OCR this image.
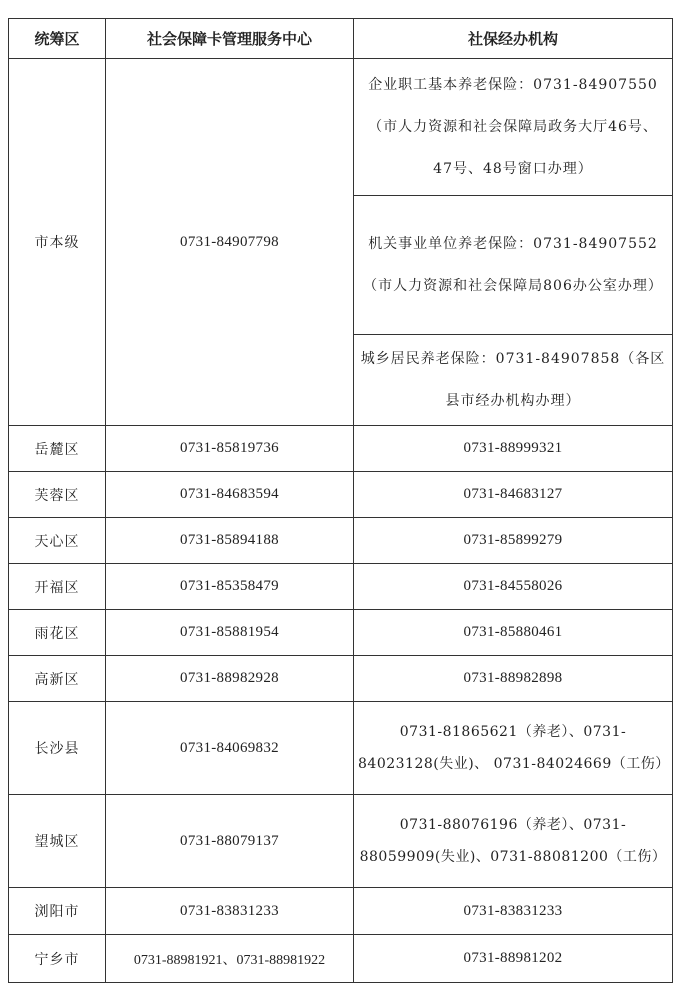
统筹区	社会保障卡管理服务中心	社保经办机构
市本级	0731-84907798	企业职工基本养老保险：0731-84907550（市人力资源和社会保障局政务大厅46号、47号、48号窗口办理）
		机关事业单位养老保险：0731-84907552（市人力资源和社会保障局806办公室办理）
		城乡居民养老保险：0731-84907858（各区县市经办机构办理）
岳麓区	0731-85819736	0731-88999321
芙蓉区	0731-84683594	0731-84683127
天心区	0731-85894188	0731-85899279
开福区	0731-85358479	0731-84558026
雨花区	0731-85881954	0731-85880461
高新区	0731-88982928	0731-88982898
长沙县	0731-84069832	0731-81865621（养老）、0731-84023128(失业)、 0731-84024669（工伤）
望城区	0731-88079137	0731-88076196（养老）、0731-88059909(失业)、0731-88081200（工伤）
浏阳市	0731-83831233	0731-83831233
宁乡市	0731-88981921、0731-88981922	0731-88981202
